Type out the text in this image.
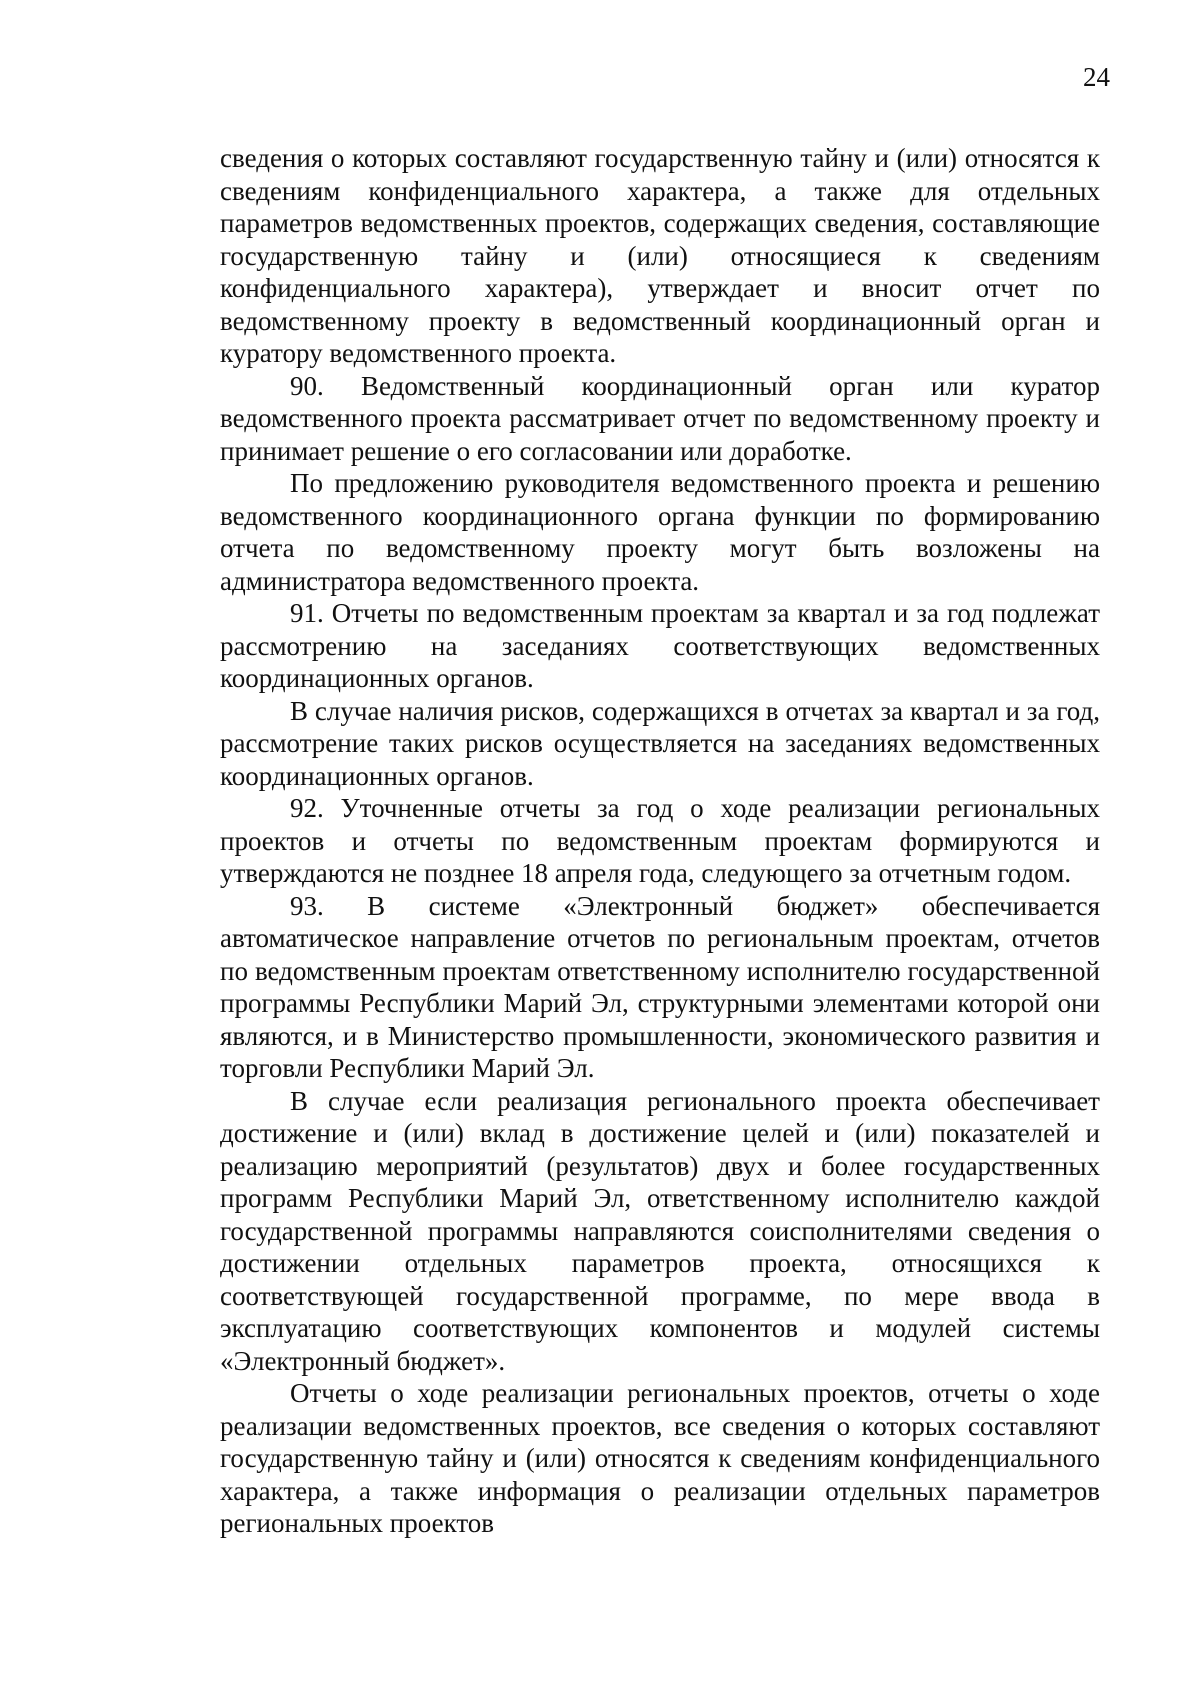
24

сведения о которых составляют государственную тайну и (или) относятся к сведениям конфиденциального характера, а также для отдельных параметров ведомственных проектов, содержащих сведения, составляющие государственную тайну и (или) относящиеся к сведениям конфиденциального характера), утверждает и вносит отчет по ведомственному проекту в ведомственный координационный орган и куратору ведомственного проекта.

90. Ведомственный координационный орган или куратор ведомственного проекта рассматривает отчет по ведомственному проекту и принимает решение о его согласовании или доработке.

По предложению руководителя ведомственного проекта и решению ведомственного координационного органа функции по формированию отчета по ведомственному проекту могут быть возложены на администратора ведомственного проекта.

91. Отчеты по ведомственным проектам за квартал и за год подлежат рассмотрению на заседаниях соответствующих ведомственных координационных органов.

В случае наличия рисков, содержащихся в отчетах за квартал и за год, рассмотрение таких рисков осуществляется на заседаниях ведомственных координационных органов.

92. Уточненные отчеты за год о ходе реализации региональных проектов и отчеты по ведомственным проектам формируются и утверждаются не позднее 18 апреля года, следующего за отчетным годом.

93. В системе «Электронный бюджет» обеспечивается автоматическое направление отчетов по региональным проектам, отчетов по ведомственным проектам ответственному исполнителю государственной программы Республики Марий Эл, структурными элементами которой они являются, и в Министерство промышленности, экономического развития и торговли Республики Марий Эл.

В случае если реализация регионального проекта обеспечивает достижение и (или) вклад в достижение целей и (или) показателей и реализацию мероприятий (результатов) двух и более государственных программ Республики Марий Эл, ответственному исполнителю каждой государственной программы направляются соисполнителями сведения о достижении отдельных параметров проекта, относящихся к соответствующей государственной программе, по мере ввода в эксплуатацию соответствующих компонентов и модулей системы «Электронный бюджет».

Отчеты о ходе реализации региональных проектов, отчеты о ходе реализации ведомственных проектов, все сведения о которых составляют государственную тайну и (или) относятся к сведениям конфиденциального характера, а также информация о реализации отдельных параметров региональных проектов
